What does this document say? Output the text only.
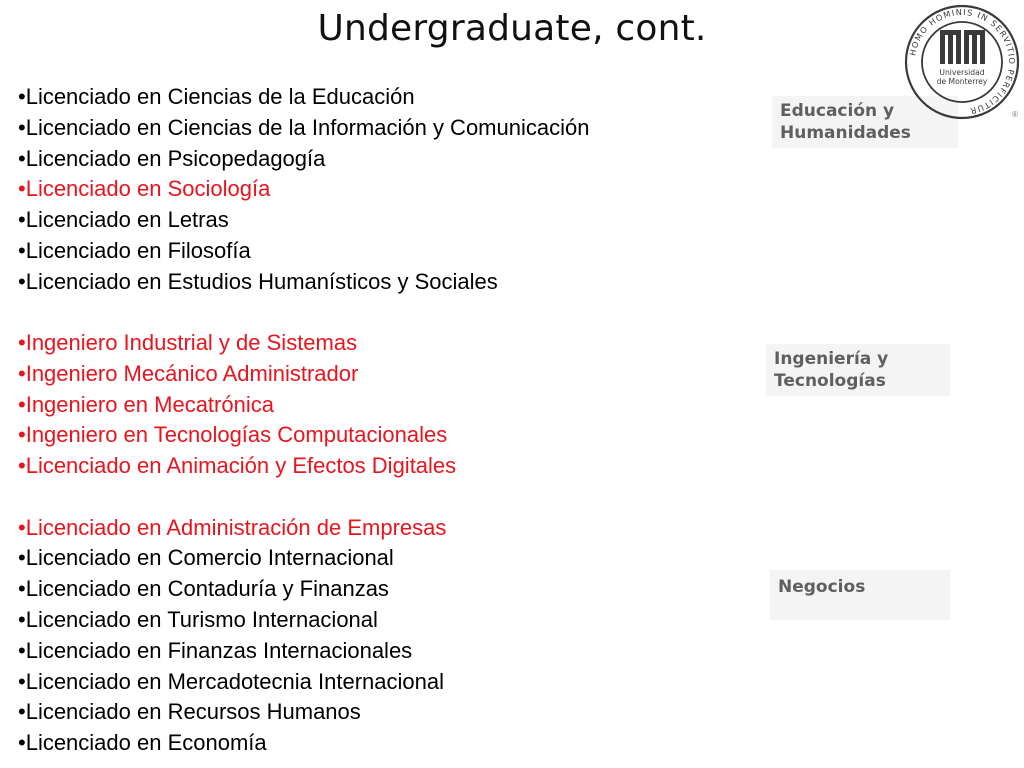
Undergraduate, cont.
•Licenciado en Ciencias de la Educación
•Licenciado en Ciencias de la Información y Comunicación
•Licenciado en Psicopedagogía
•Licenciado en Sociología
•Licenciado en Letras
•Licenciado en Filosofía
•Licenciado en Estudios Humanísticos y Sociales
•Ingeniero Industrial y de Sistemas
•Ingeniero Mecánico Administrador
•Ingeniero en Mecatrónica
•Ingeniero en Tecnologías Computacionales
•Licenciado en Animación y Efectos Digitales
•Licenciado en Administración de Empresas
•Licenciado en Comercio Internacional
•Licenciado en Contaduría y Finanzas
•Licenciado en Turismo Internacional
•Licenciado en Finanzas Internacionales
•Licenciado en Mercadotecnia Internacional
•Licenciado en Recursos Humanos
•Licenciado en Economía
Educación y
Humanidades
Ingeniería y
Tecnologías
Negocios
HOMO HOMINIS IN SERVITIO PERFICITUR
Universidad
de Monterrey
®
